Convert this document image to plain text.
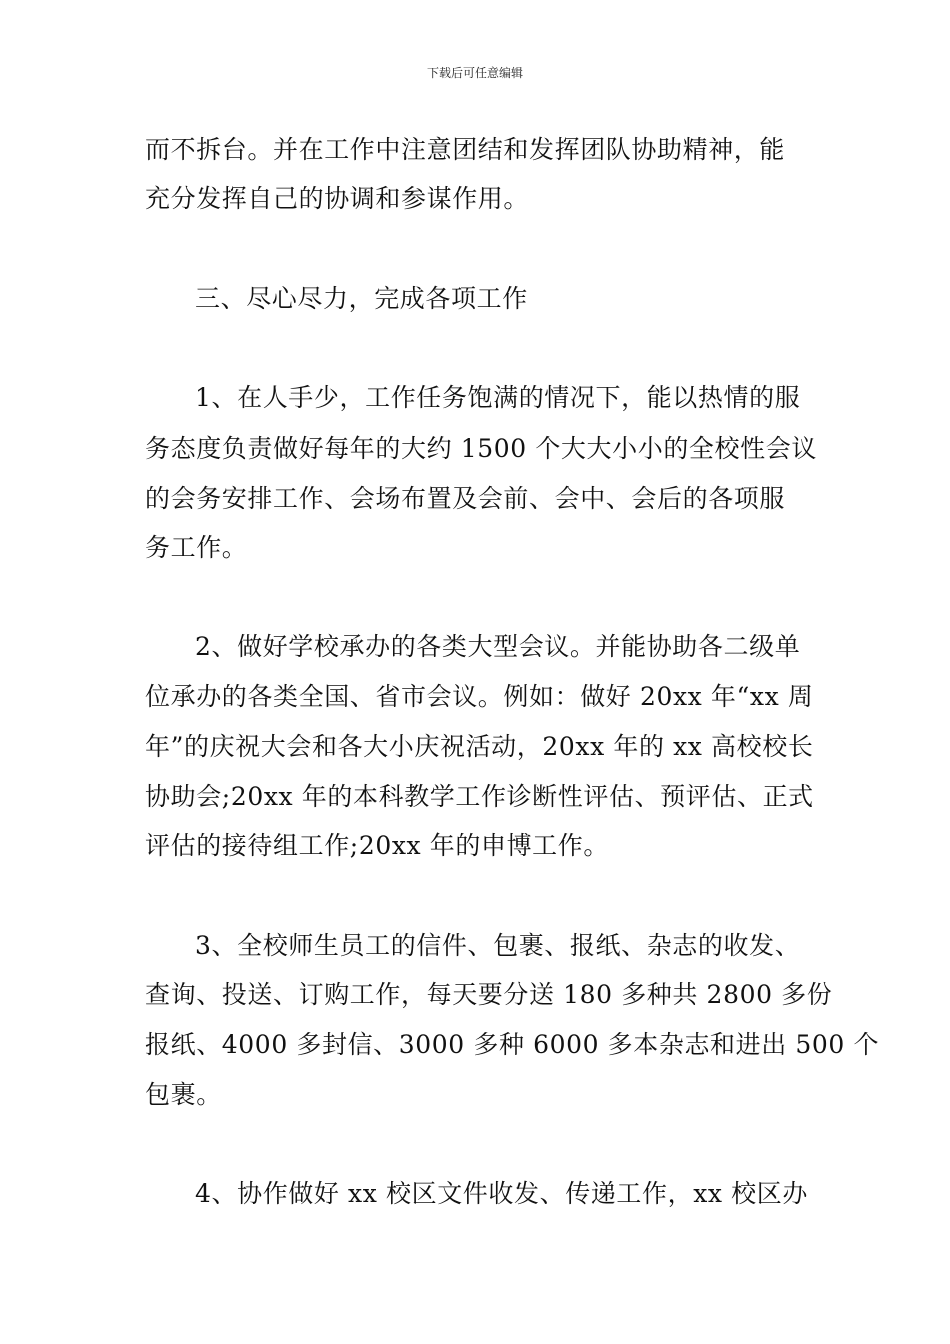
下载后可任意编辑
而不拆台。并在工作中注意团结和发挥团队协助精神，能
充分发挥自己的协调和参谋作用。
三、尽心尽力，完成各项工作
1、在人手少，工作任务饱满的情况下，能以热情的服
务态度负责做好每年的大约 1500 个大大小小的全校性会议
的会务安排工作、会场布置及会前、会中、会后的各项服
务工作。
2、做好学校承办的各类大型会议。并能协助各二级单
位承办的各类全国、省市会议。例如：做好 20xx 年“xx 周
年”的庆祝大会和各大小庆祝活动，20xx 年的 xx 高校校长
协助会;20xx 年的本科教学工作诊断性评估、预评估、正式
评估的接待组工作;20xx 年的申博工作。
3、全校师生员工的信件、包裹、报纸、杂志的收发、
查询、投送、订购工作，每天要分送 180 多种共 2800 多份
报纸、4000 多封信、3000 多种 6000 多本杂志和进出 500 个
包裹。
4、协作做好 xx 校区文件收发、传递工作，xx 校区办
